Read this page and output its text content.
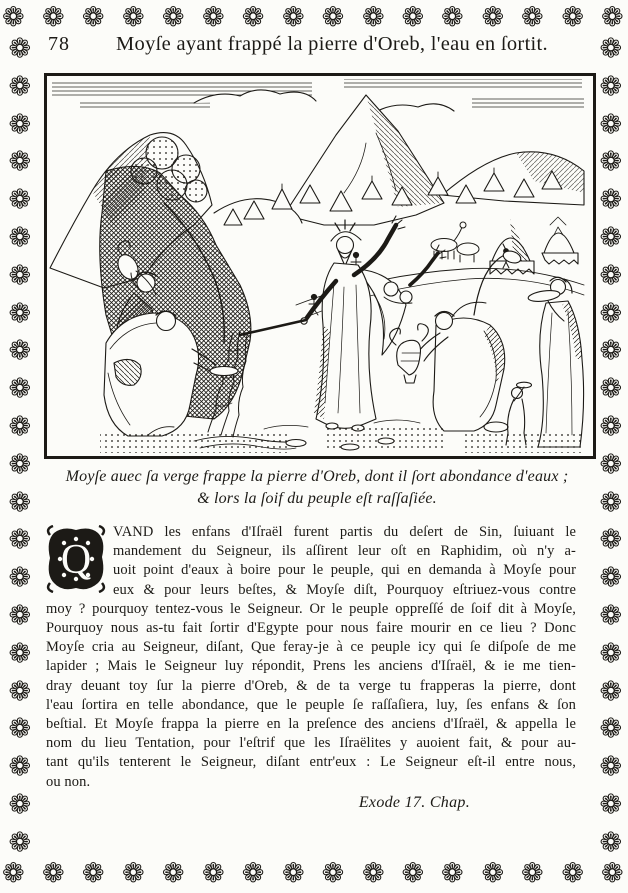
❁ ❁ ❁ ❁ ❁ ❁ ❁ ❁ ❁ ❁ ❁ ❁ ❁ ❁ ❁ ❁
❁ ❁ ❁ ❁ ❁ ❁ ❁ ❁ ❁ ❁ ❁ ❁ ❁ ❁ ❁ ❁
❁
❁
❁
❁
❁
❁
❁
❁
❁
❁
❁
❁
❁
❁
❁
❁
❁
❁
❁
❁
❁
❁
❁
❁
❁
❁
❁
❁
❁
❁
❁
❁
❁
❁
❁
❁
❁
❁
❁
❁
❁
❁
❁
❁
78	Moyſe ayant frappé la pierre d'Oreb, l'eau en ſortit.
Moyſe auec ſa verge frappe la pierre d'Oreb, dont il ſort abondance d'eaux ;
& lors la ſoif du peuple eſt raſſaſiée.
Q
VAND les enfans d'Iſraël furent partis du deſert de Sin, ſuiuant le
mandement du Seigneur, ils aſſirent leur oſt en Raphidim, où n'y a-
uoit point d'eaux à boire pour le peuple, qui en demanda à Moyſe pour
eux & pour leurs beſtes, & Moyſe diſt, Pourquoy eſtriuez-vous contre
moy ? pourquoy tentez-vous le Seigneur. Or le peuple oppreſſé de ſoif dit à Moyſe,
Pourquoy nous as-tu fait ſortir d'Egypte pour nous faire mourir en ce lieu ? Donc
Moyſe cria au Seigneur, diſant, Que feray-je à ce peuple icy qui ſe diſpoſe de me
lapider ; Mais le Seigneur luy répondit, Prens les anciens d'Iſraël, & ie me tien-
dray deuant toy ſur la pierre d'Oreb, & de ta verge tu frapperas la pierre, dont
l'eau ſortira en telle abondance, que le peuple ſe raſſaſiera, luy, ſes enfans & ſon
beſtial. Et Moyſe frappa la pierre en la preſence des anciens d'Iſraël, & appella le
nom du lieu Tentation, pour l'eſtrif que les Iſraëlites y auoient fait, & pour au-
tant qu'ils tenterent le Seigneur, diſant entr'eux : Le Seigneur eſt-il entre nous,
ou non.
Exode 17. Chap.
